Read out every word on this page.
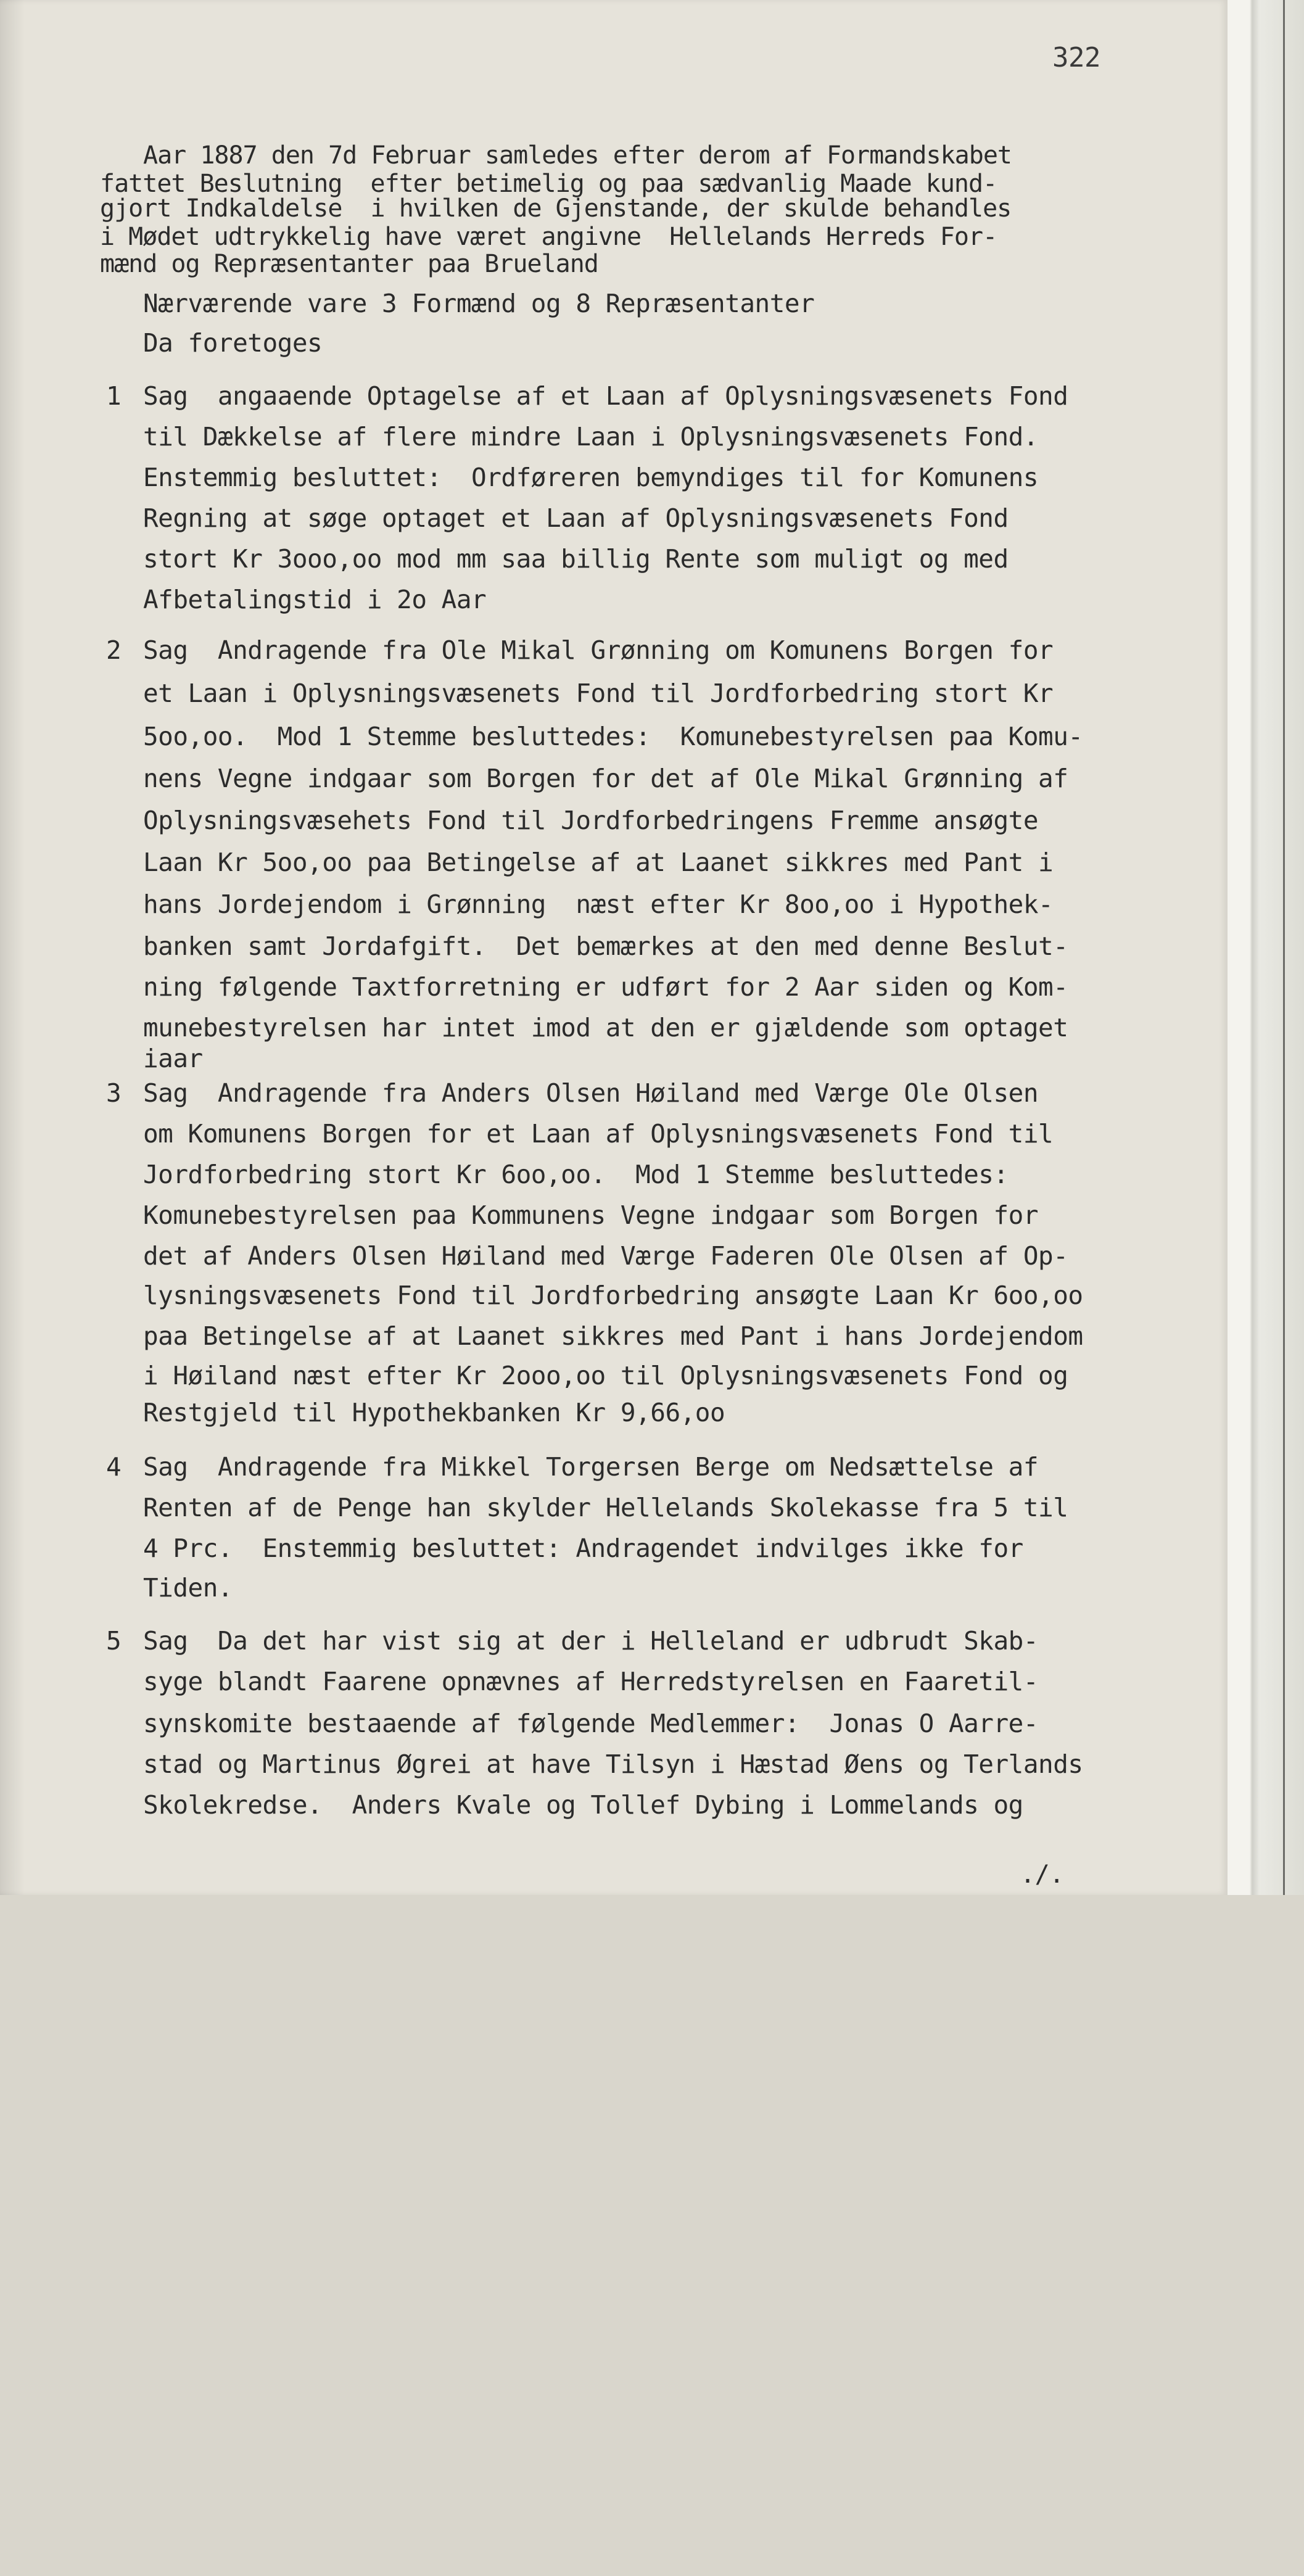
322

Aar 1887 den 7d Februar samledes efter derom af Formandskabet

fattet Beslutning  efter betimelig og paa sædvanlig Maade kund-

gjort Indkaldelse  i hvilken de Gjenstande, der skulde behandles

i Mødet udtrykkelig have været angivne  Hellelands Herreds For-

mænd og Repræsentanter paa Brueland

Nærværende vare 3 Formænd og 8 Repræsentanter

Da foretoges

1

Sag  angaaende Optagelse af et Laan af Oplysningsvæsenets Fond

til Dækkelse af flere mindre Laan i Oplysningsvæsenets Fond.

Enstemmig besluttet:  Ordføreren bemyndiges til for Komunens

Regning at søge optaget et Laan af Oplysningsvæsenets Fond

stort Kr 3ooo,oo mod mm saa billig Rente som muligt og med

Afbetalingstid i 2o Aar

2

Sag  Andragende fra Ole Mikal Grønning om Komunens Borgen for

et Laan i Oplysningsvæsenets Fond til Jordforbedring stort Kr

5oo,oo.  Mod 1 Stemme besluttedes:  Komunebestyrelsen paa Komu-

nens Vegne indgaar som Borgen for det af Ole Mikal Grønning af

Oplysningsvæsehets Fond til Jordforbedringens Fremme ansøgte

Laan Kr 5oo,oo paa Betingelse af at Laanet sikkres med Pant i

hans Jordejendom i Grønning  næst efter Kr 8oo,oo i Hypothek-

banken samt Jordafgift.  Det bemærkes at den med denne Beslut-

ning følgende Taxtforretning er udført for 2 Aar siden og Kom-

munebestyrelsen har intet imod at den er gjældende som optaget

iaar

3

Sag  Andragende fra Anders Olsen Høiland med Værge Ole Olsen

om Komunens Borgen for et Laan af Oplysningsvæsenets Fond til

Jordforbedring stort Kr 6oo,oo.  Mod 1 Stemme besluttedes:

Komunebestyrelsen paa Kommunens Vegne indgaar som Borgen for

det af Anders Olsen Høiland med Værge Faderen Ole Olsen af Op-

lysningsvæsenets Fond til Jordforbedring ansøgte Laan Kr 6oo,oo

paa Betingelse af at Laanet sikkres med Pant i hans Jordejendom

i Høiland næst efter Kr 2ooo,oo til Oplysningsvæsenets Fond og

Restgjeld til Hypothekbanken Kr 9,66,oo

4

Sag  Andragende fra Mikkel Torgersen Berge om Nedsættelse af

Renten af de Penge han skylder Hellelands Skolekasse fra 5 til

4 Prc.  Enstemmig besluttet: Andragendet indvilges ikke for

Tiden.

5

Sag  Da det har vist sig at der i Helleland er udbrudt Skab-

syge blandt Faarene opnævnes af Herredstyrelsen en Faaretil-

synskomite bestaaende af følgende Medlemmer:  Jonas O Aarre-

stad og Martinus Øgrei at have Tilsyn i Hæstad Øens og Terlands

Skolekredse.  Anders Kvale og Tollef Dybing i Lommelands og

./.
